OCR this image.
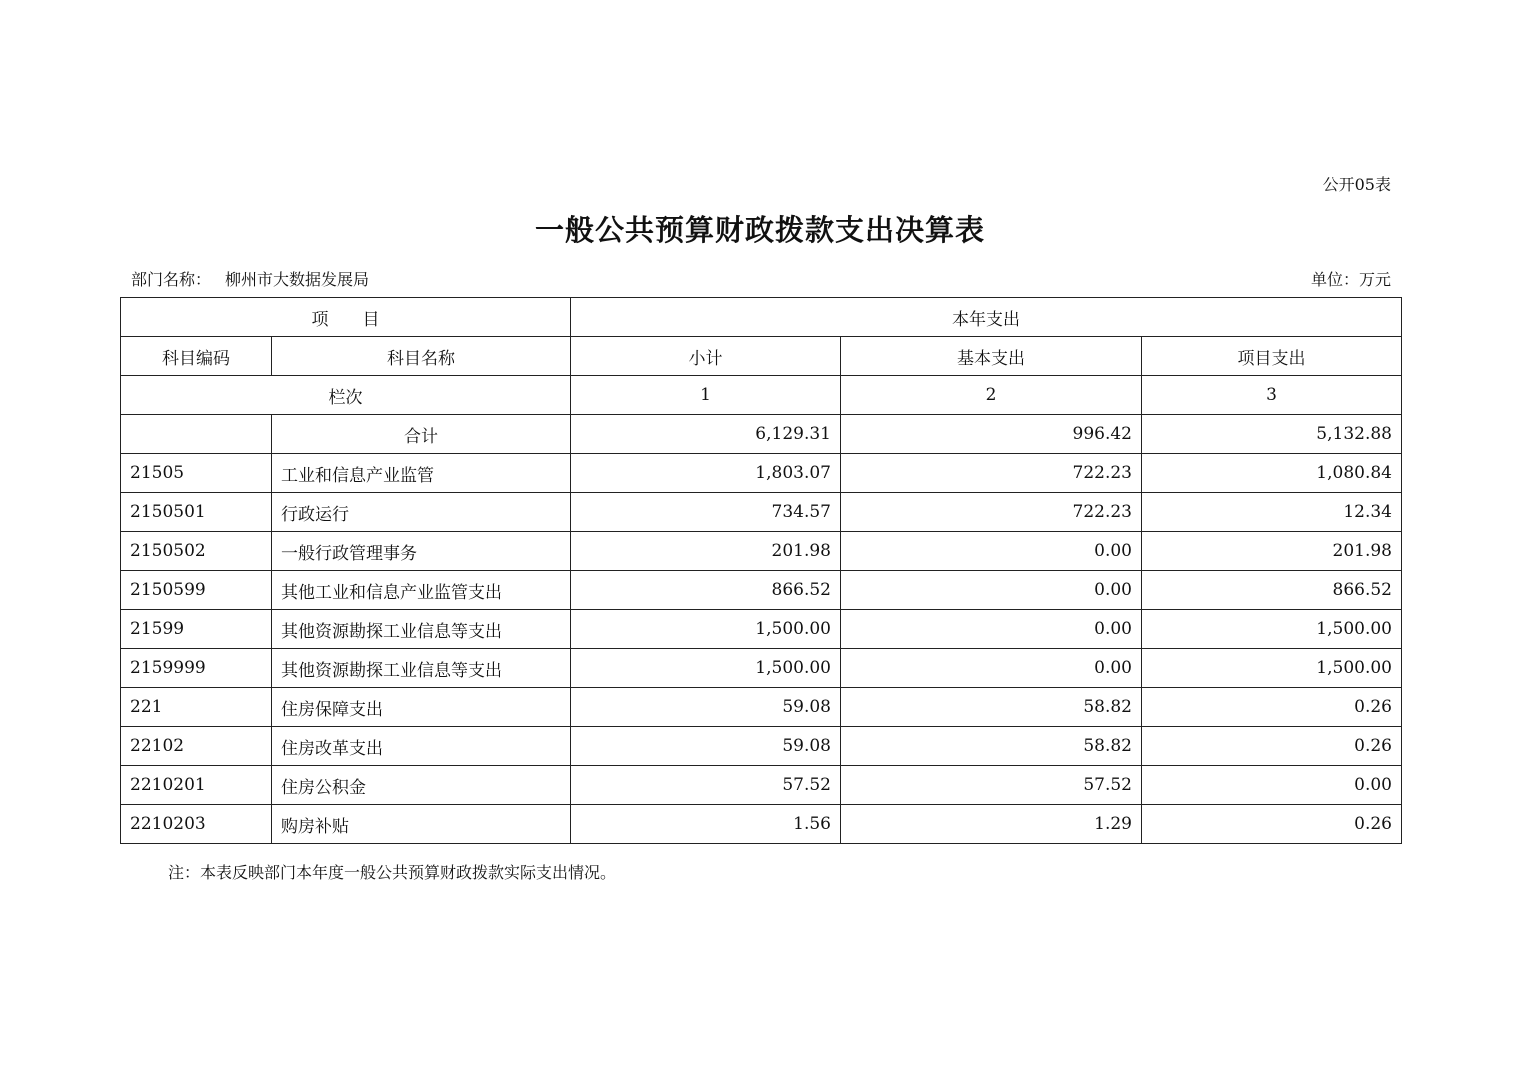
公开05表
一般公共预算财政拨款支出决算表
部门名称： 柳州市大数据发展局	单位：万元
项　　目		本年支出		
科目编码	科目名称	小计	基本支出	项目支出
栏次		1	2	3
	合计	6,129.31	996.42	5,132.88
21505	工业和信息产业监管	1,803.07	722.23	1,080.84
2150501	行政运行	734.57	722.23	12.34
2150502	一般行政管理事务	201.98	0.00	201.98
2150599	其他工业和信息产业监管支出	866.52	0.00	866.52
21599	其他资源勘探工业信息等支出	1,500.00	0.00	1,500.00
2159999	其他资源勘探工业信息等支出	1,500.00	0.00	1,500.00
221	住房保障支出	59.08	58.82	0.26
22102	住房改革支出	59.08	58.82	0.26
2210201	住房公积金	57.52	57.52	0.00
2210203	购房补贴	1.56	1.29	0.26
注：本表反映部门本年度一般公共预算财政拨款实际支出情况。
